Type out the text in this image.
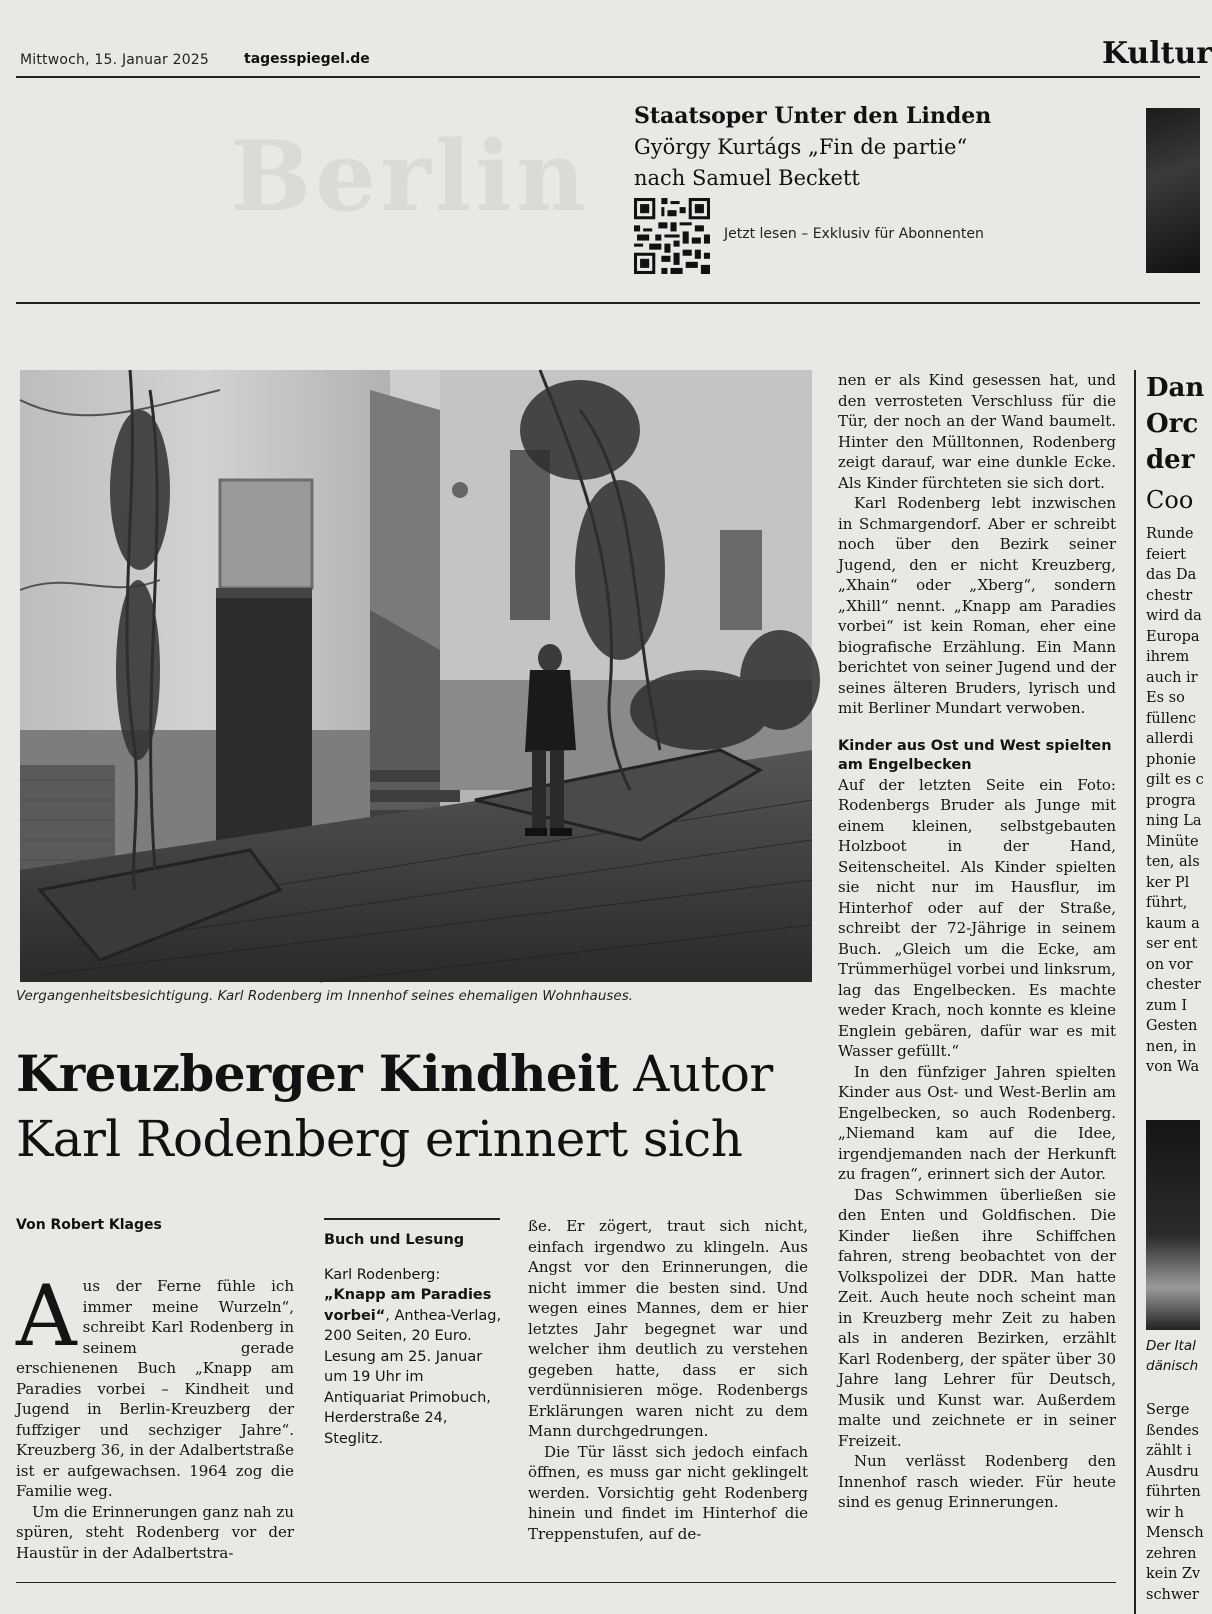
Mittwoch, 15. Januar 2025 tagesspiegel.de	Kultur
Berlin
Staatsoper Unter den Linden
György Kurtágs „Fin de partie“
nach Samuel Beckett
Jetzt lesen – Exklusiv für Abonnenten
Vergangenheitsbesichtigung. Karl Rodenberg im Innenhof seines ehemaligen Wohnhauses.
Kreuzberger Kindheit Autor
Karl Rodenberg erinnert sich
Von Robert Klages

Aus der Ferne fühle ich immer meine Wurzeln“, schreibt Karl Rodenberg in seinem gerade erschienenen Buch „Knapp am Paradies vorbei – Kindheit und Jugend in Berlin-Kreuzberg der fuffziger und sechziger Jahre“. Kreuzberg 36, in der Adalbertstraße ist er aufgewachsen. 1964 zog die Familie weg.

Um die Erinnerungen ganz nah zu spüren, steht Rodenberg vor der Haustür in der Adalbertstra-

Buch und Lesung
Karl Rodenberg:
„Knapp am Paradies vorbei“, Anthea-Verlag, 200 Seiten, 20 Euro. Lesung am 25. Januar um 19 Uhr im Antiquariat Primobuch, Herderstraße 24, Steglitz.

ße. Er zögert, traut sich nicht, einfach irgendwo zu klingeln. Aus Angst vor den Erinnerungen, die nicht immer die besten sind. Und wegen eines Mannes, dem er hier letztes Jahr begegnet war und welcher ihm deutlich zu verstehen gegeben hatte, dass er sich verdünnisieren möge. Rodenbergs Erklärungen waren nicht zu dem Mann durchgedrungen.

Die Tür lässt sich jedoch einfach öffnen, es muss gar nicht geklingelt werden. Vorsichtig geht Rodenberg hinein und findet im Hinterhof die Treppenstufen, auf de-

nen er als Kind gesessen hat, und den verrosteten Verschluss für die Tür, der noch an der Wand baumelt. Hinter den Mülltonnen, Rodenberg zeigt darauf, war eine dunkle Ecke. Als Kinder fürchteten sie sich dort.

Karl Rodenberg lebt inzwischen in Schmargendorf. Aber er schreibt noch über den Bezirk seiner Jugend, den er nicht Kreuzberg, „Xhain“ oder „Xberg“, sondern „Xhill“ nennt. „Knapp am Paradies vorbei“ ist kein Roman, eher eine biografische Erzählung. Ein Mann berichtet von seiner Jugend und der seines älteren Bruders, lyrisch und mit Berliner Mundart verwoben.

Kinder aus Ost und West spielten am Engelbecken

Auf der letzten Seite ein Foto: Rodenbergs Bruder als Junge mit einem kleinen, selbstgebauten Holzboot in der Hand, Seitenscheitel. Als Kinder spielten sie nicht nur im Hausflur, im Hinterhof oder auf der Straße, schreibt der 72-Jährige in seinem Buch. „Gleich um die Ecke, am Trümmerhügel vorbei und linksrum, lag das Engelbecken. Es machte weder Krach, noch konnte es kleine Englein gebären, dafür war es mit Wasser gefüllt.“

In den fünfziger Jahren spielten Kinder aus Ost- und West-Berlin am Engelbecken, so auch Rodenberg. „Niemand kam auf die Idee, irgendjemanden nach der Herkunft zu fragen“, erinnert sich der Autor.

Das Schwimmen überließen sie den Enten und Goldfischen. Die Kinder ließen ihre Schiffchen fahren, streng beobachtet von der Volkspolizei der DDR. Man hatte Zeit. Auch heute noch scheint man in Kreuzberg mehr Zeit zu haben als in anderen Bezirken, erzählt Karl Rodenberg, der später über 30 Jahre lang Lehrer für Deutsch, Musik und Kunst war. Außerdem malte und zeichnete er in seiner Freizeit.

Nun verlässt Rodenberg den Innenhof rasch wieder. Für heute sind es genug Erinnerungen.

Dan
Orc
der
Coo
Runde
feiert
das Da
chestr
wird da
Europa
ihrem
auch ir
Es so
füllenc
allerdi
phonie
gilt es c
progra
ning La
Minüte
ten, als
ker Pl
führt,
kaum a
ser ent
on vor
chester
zum I
Gesten
nen, in
von Wa
Der Ital
dänisch
Serge
ßendes
zählt i
Ausdru
führten
wir h
Mensch
zehren
kein Zv
schwer
